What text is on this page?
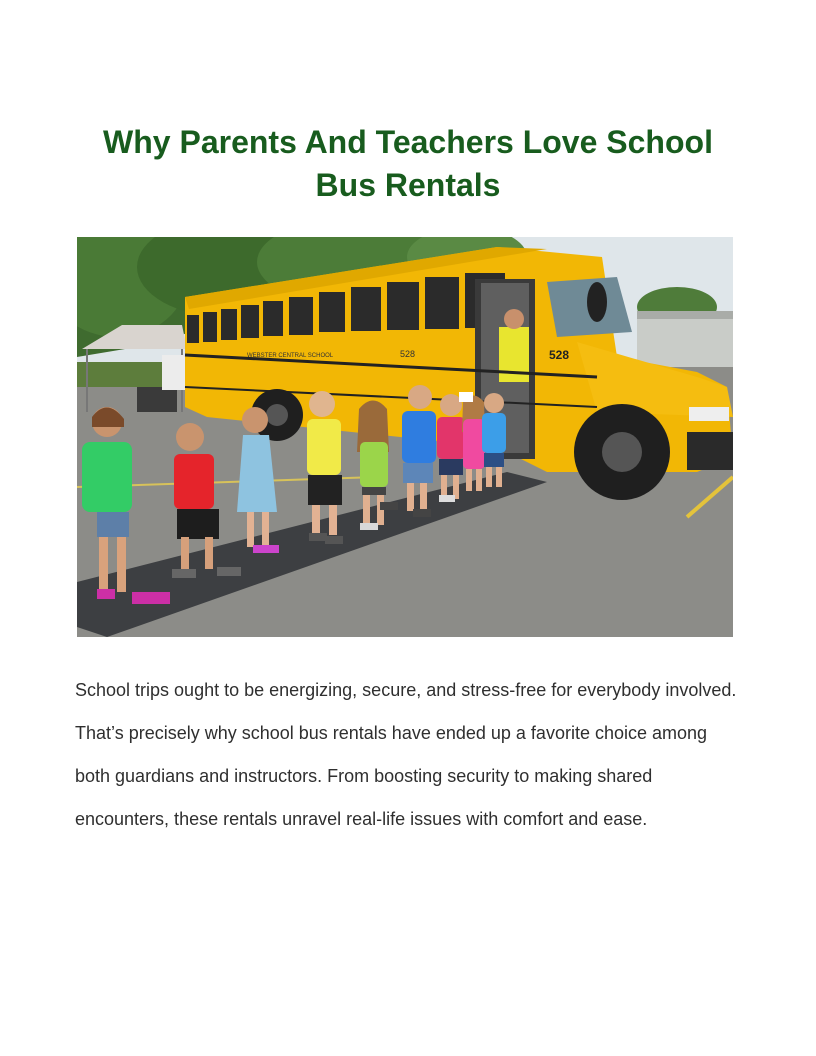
Why Parents And Teachers Love School Bus Rentals
528	528
WEBSTER CENTRAL SCHOOL

School trips ought to be energizing, secure, and stress-free for everybody involved. That’s precisely why school bus rentals have ended up a favorite choice among both guardians and instructors. From boosting security to making shared encounters, these rentals unravel real-life issues with comfort and ease.
